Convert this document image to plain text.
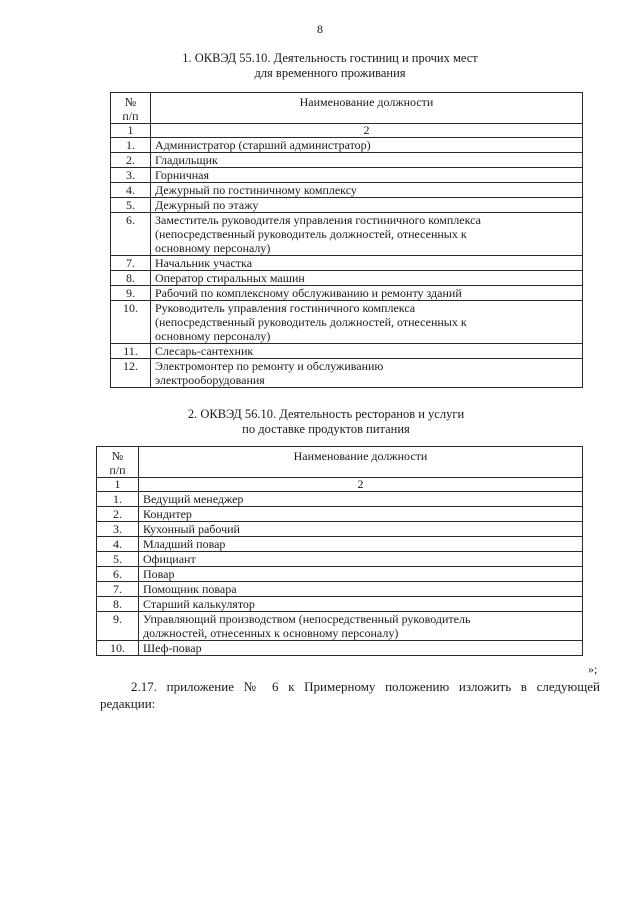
8
1. ОКВЭД 55.10. Деятельность гостиниц и прочих мест
для временного проживания
№
п/п	Наименование должности
1	2
1.	Администратор (старший администратор)
2.	Гладильщик
3.	Горничная
4.	Дежурный по гостиничному комплексу
5.	Дежурный по этажу
6.	Заместитель руководителя управления гостиничного комплекса
(непосредственный руководитель должностей, отнесенных к
основному персоналу)
7.	Начальник участка
8.	Оператор стиральных машин
9.	Рабочий по комплексному обслуживанию и ремонту зданий
10.	Руководитель управления гостиничного комплекса
(непосредственный руководитель должностей, отнесенных к
основному персоналу)
11.	Слесарь-сантехник
12.	Электромонтер по ремонту и обслуживанию
электрооборудования
2. ОКВЭД 56.10. Деятельность ресторанов и услуги
по доставке продуктов питания
№
п/п	Наименование должности
1	2
1.	Ведущий менеджер
2.	Кондитер
3.	Кухонный рабочий
4.	Младший повар
5.	Официант
6.	Повар
7.	Помощник повара
8.	Старший калькулятор
9.	Управляющий производством (непосредственный руководитель
должностей, отнесенных к основному персоналу)
10.	Шеф-повар
»;
2.17. приложение № 6 к Примерному положению изложить в следующей
редакции:
